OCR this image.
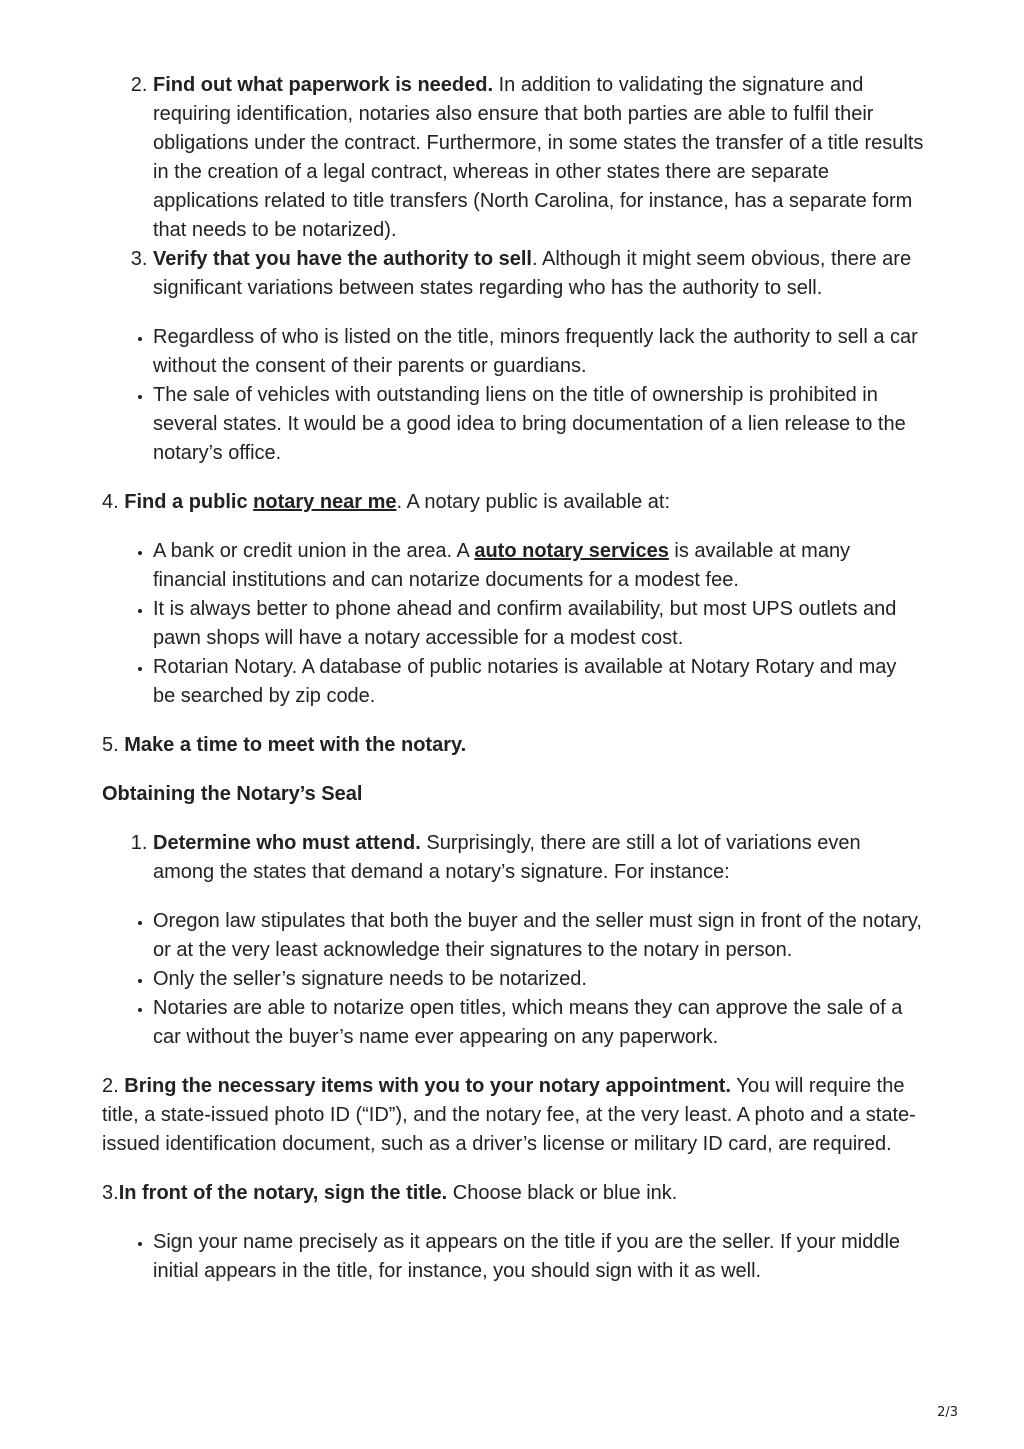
2. Find out what paperwork is needed. In addition to validating the signature and requiring identification, notaries also ensure that both parties are able to fulfil their obligations under the contract. Furthermore, in some states the transfer of a title results in the creation of a legal contract, whereas in other states there are separate applications related to title transfers (North Carolina, for instance, has a separate form that needs to be notarized).
3. Verify that you have the authority to sell. Although it might seem obvious, there are significant variations between states regarding who has the authority to sell.
• Regardless of who is listed on the title, minors frequently lack the authority to sell a car without the consent of their parents or guardians.
• The sale of vehicles with outstanding liens on the title of ownership is prohibited in several states. It would be a good idea to bring documentation of a lien release to the notary’s office.

4. Find a public notary near me. A notary public is available at:

• A bank or credit union in the area. A auto notary services is available at many financial institutions and can notarize documents for a modest fee.
• It is always better to phone ahead and confirm availability, but most UPS outlets and pawn shops will have a notary accessible for a modest cost.
• Rotarian Notary. A database of public notaries is available at Notary Rotary and may be searched by zip code.

5. Make a time to meet with the notary.

Obtaining the Notary’s Seal

1. Determine who must attend. Surprisingly, there are still a lot of variations even among the states that demand a notary’s signature. For instance:
• Oregon law stipulates that both the buyer and the seller must sign in front of the notary, or at the very least acknowledge their signatures to the notary in person.
• Only the seller’s signature needs to be notarized.
• Notaries are able to notarize open titles, which means they can approve the sale of a car without the buyer’s name ever appearing on any paperwork.

2. Bring the necessary items with you to your notary appointment. You will require the title, a state-issued photo ID (“ID”), and the notary fee, at the very least. A photo and a state-issued identification document, such as a driver’s license or military ID card, are required.

3.In front of the notary, sign the title. Choose black or blue ink.

• Sign your name precisely as it appears on the title if you are the seller. If your middle initial appears in the title, for instance, you should sign with it as well.
2/3
